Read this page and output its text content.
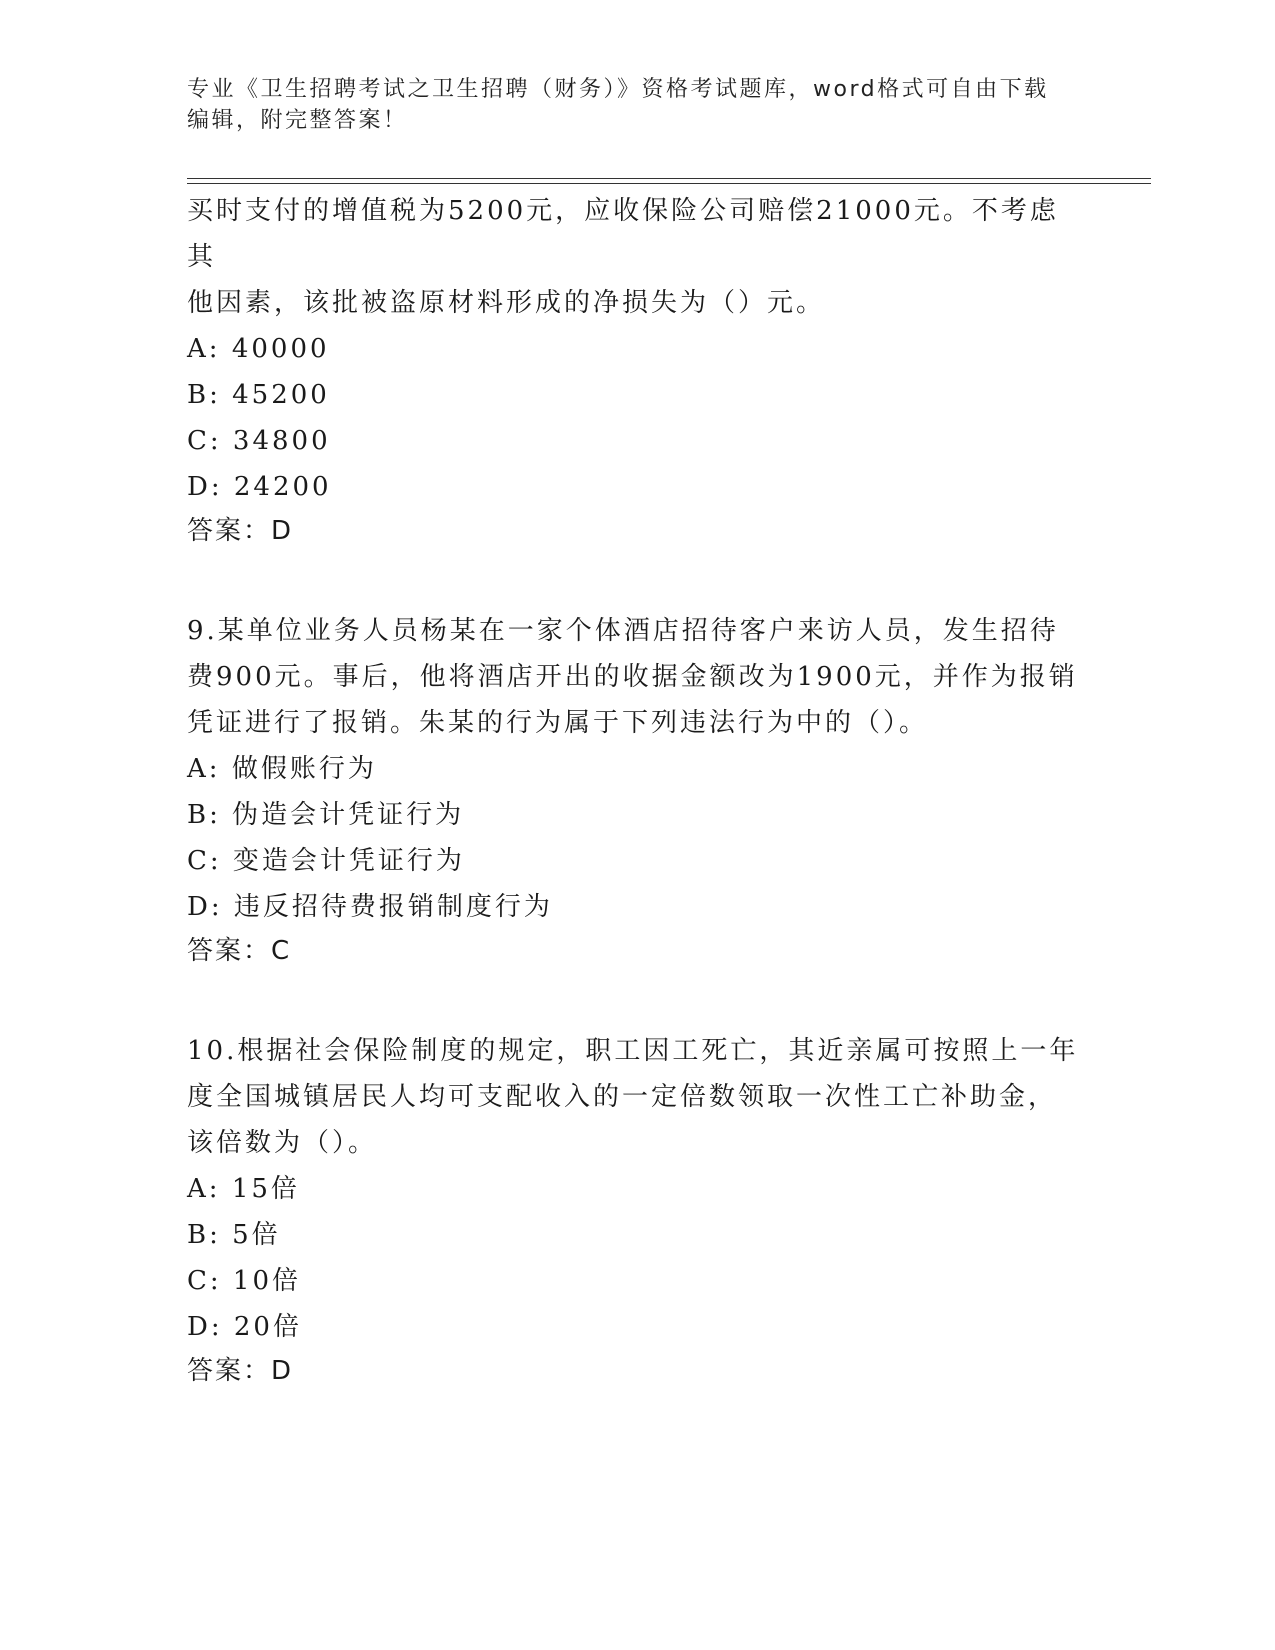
专业《卫生招聘考试之卫生招聘（财务）》资格考试题库，word格式可自由下载
编辑，附完整答案！

买时支付的增值税为5200元，应收保险公司赔偿21000元。不考虑其

他因素，该批被盗原材料形成的净损失为（）元。

A: 40000

B: 45200

C: 34800

D: 24200

答案：D

9.某单位业务人员杨某在一家个体酒店招待客户来访人员，发生招待

费900元。事后，他将酒店开出的收据金额改为1900元，并作为报销

凭证进行了报销。朱某的行为属于下列违法行为中的（）。

A: 做假账行为

B: 伪造会计凭证行为

C: 变造会计凭证行为

D: 违反招待费报销制度行为

答案：C

10.根据社会保险制度的规定，职工因工死亡，其近亲属可按照上一年

度全国城镇居民人均可支配收入的一定倍数领取一次性工亡补助金，

该倍数为（）。

A: 15倍

B: 5倍

C: 10倍

D: 20倍

答案：D
